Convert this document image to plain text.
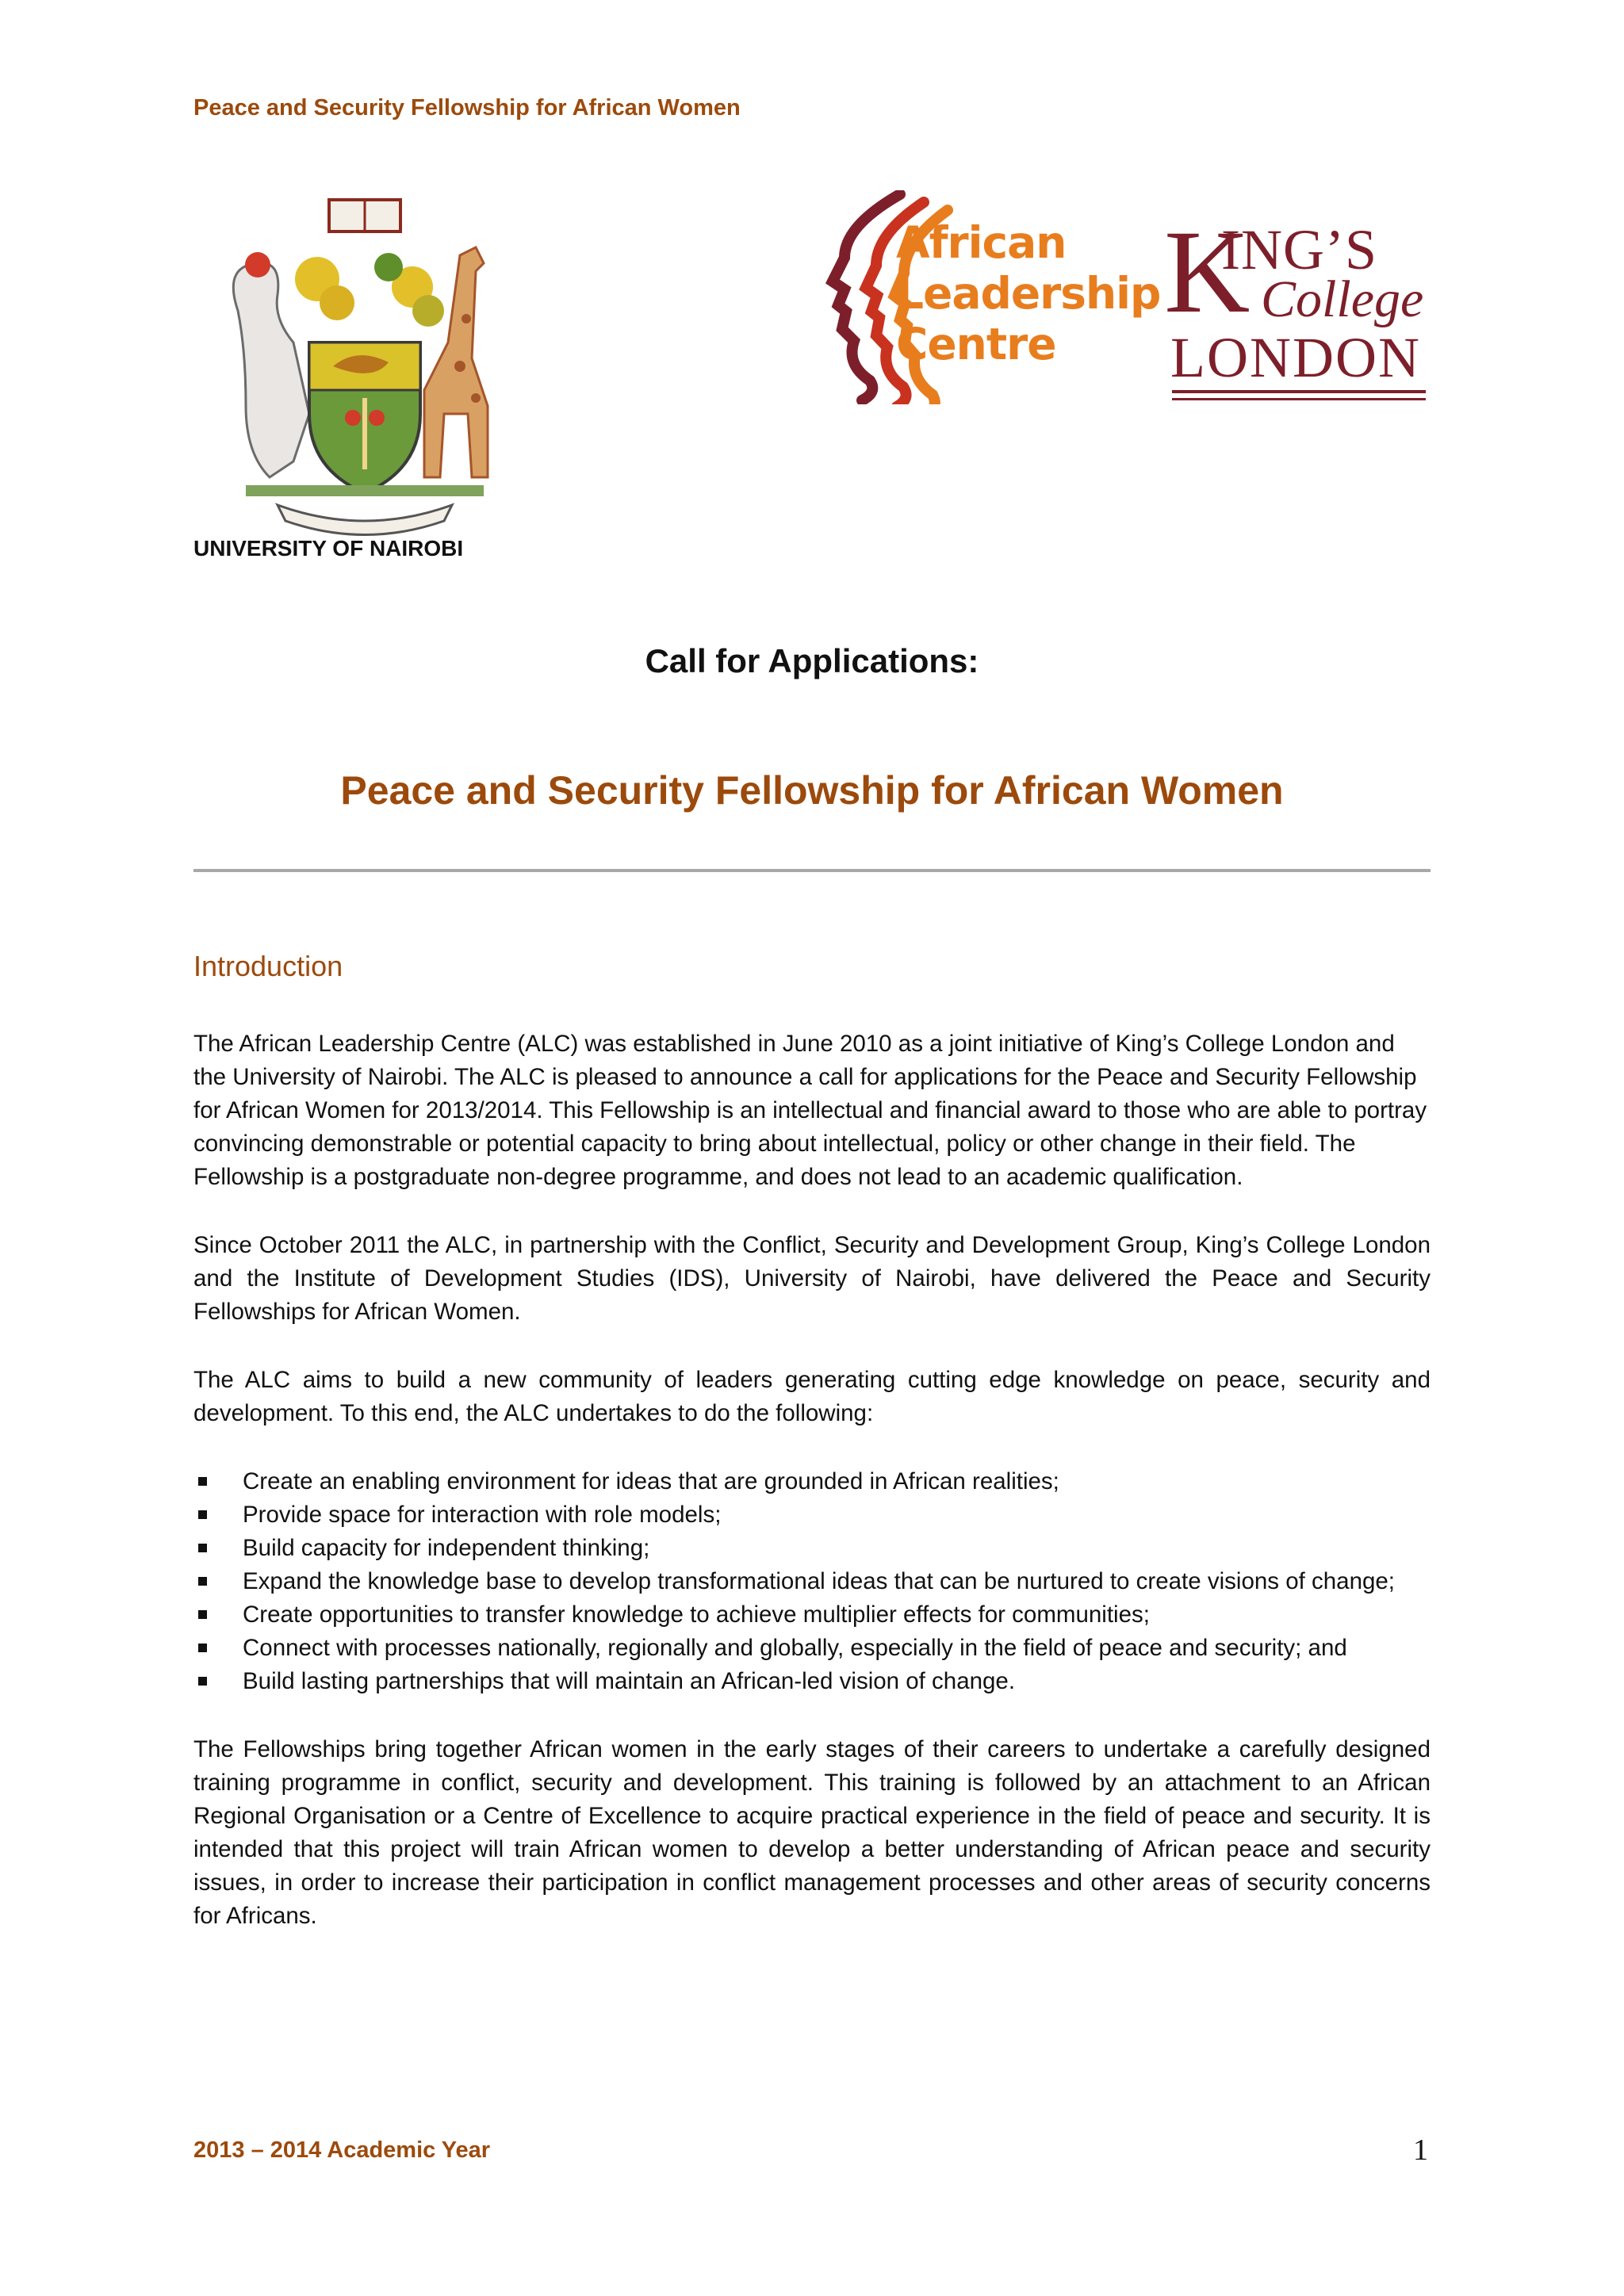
Peace and Security Fellowship for African Women
African
Leadership
Centre
K
ING’S
College
LONDON
UNIVERSITY OF NAIROBI
Call for Applications:
Peace and Security Fellowship for African Women
Introduction

The African Leadership Centre (ALC) was established in June 2010 as a joint initiative of King’s College London and the University of Nairobi. The ALC is pleased to announce a call for applications for the Peace and Security Fellowship for African Women for 2013/2014. This Fellowship is an intellectual and financial award to those who are able to portray convincing demonstrable or potential capacity to bring about intellectual, policy or other change in their field. The Fellowship is a postgraduate non-degree programme, and does not lead to an academic qualification.

Since October 2011 the ALC, in partnership with the Conflict, Security and Development Group, King’s College London and the Institute of Development Studies (IDS), University of Nairobi, have delivered the Peace and Security Fellowships for African Women.

The ALC aims to build a new community of leaders generating cutting edge knowledge on peace, security and development. To this end, the ALC undertakes to do the following:

Create an enabling environment for ideas that are grounded in African realities;
Provide space for interaction with role models;
Build capacity for independent thinking;
Expand the knowledge base to develop transformational ideas that can be nurtured to create visions of change;
Create opportunities to transfer knowledge to achieve multiplier effects for communities;
Connect with processes nationally, regionally and globally, especially in the field of peace and security; and
Build lasting partnerships that will maintain an African-led vision of change.

The Fellowships bring together African women in the early stages of their careers to undertake a carefully designed training programme in conflict, security and development. This training is followed by an attachment to an African Regional Organisation or a Centre of Excellence to acquire practical experience in the field of peace and security. It is intended that this project will train African women to develop a better understanding of African peace and security issues, in order to increase their participation in conflict management processes and other areas of security concerns for Africans.

2013 – 2014 Academic Year	1
